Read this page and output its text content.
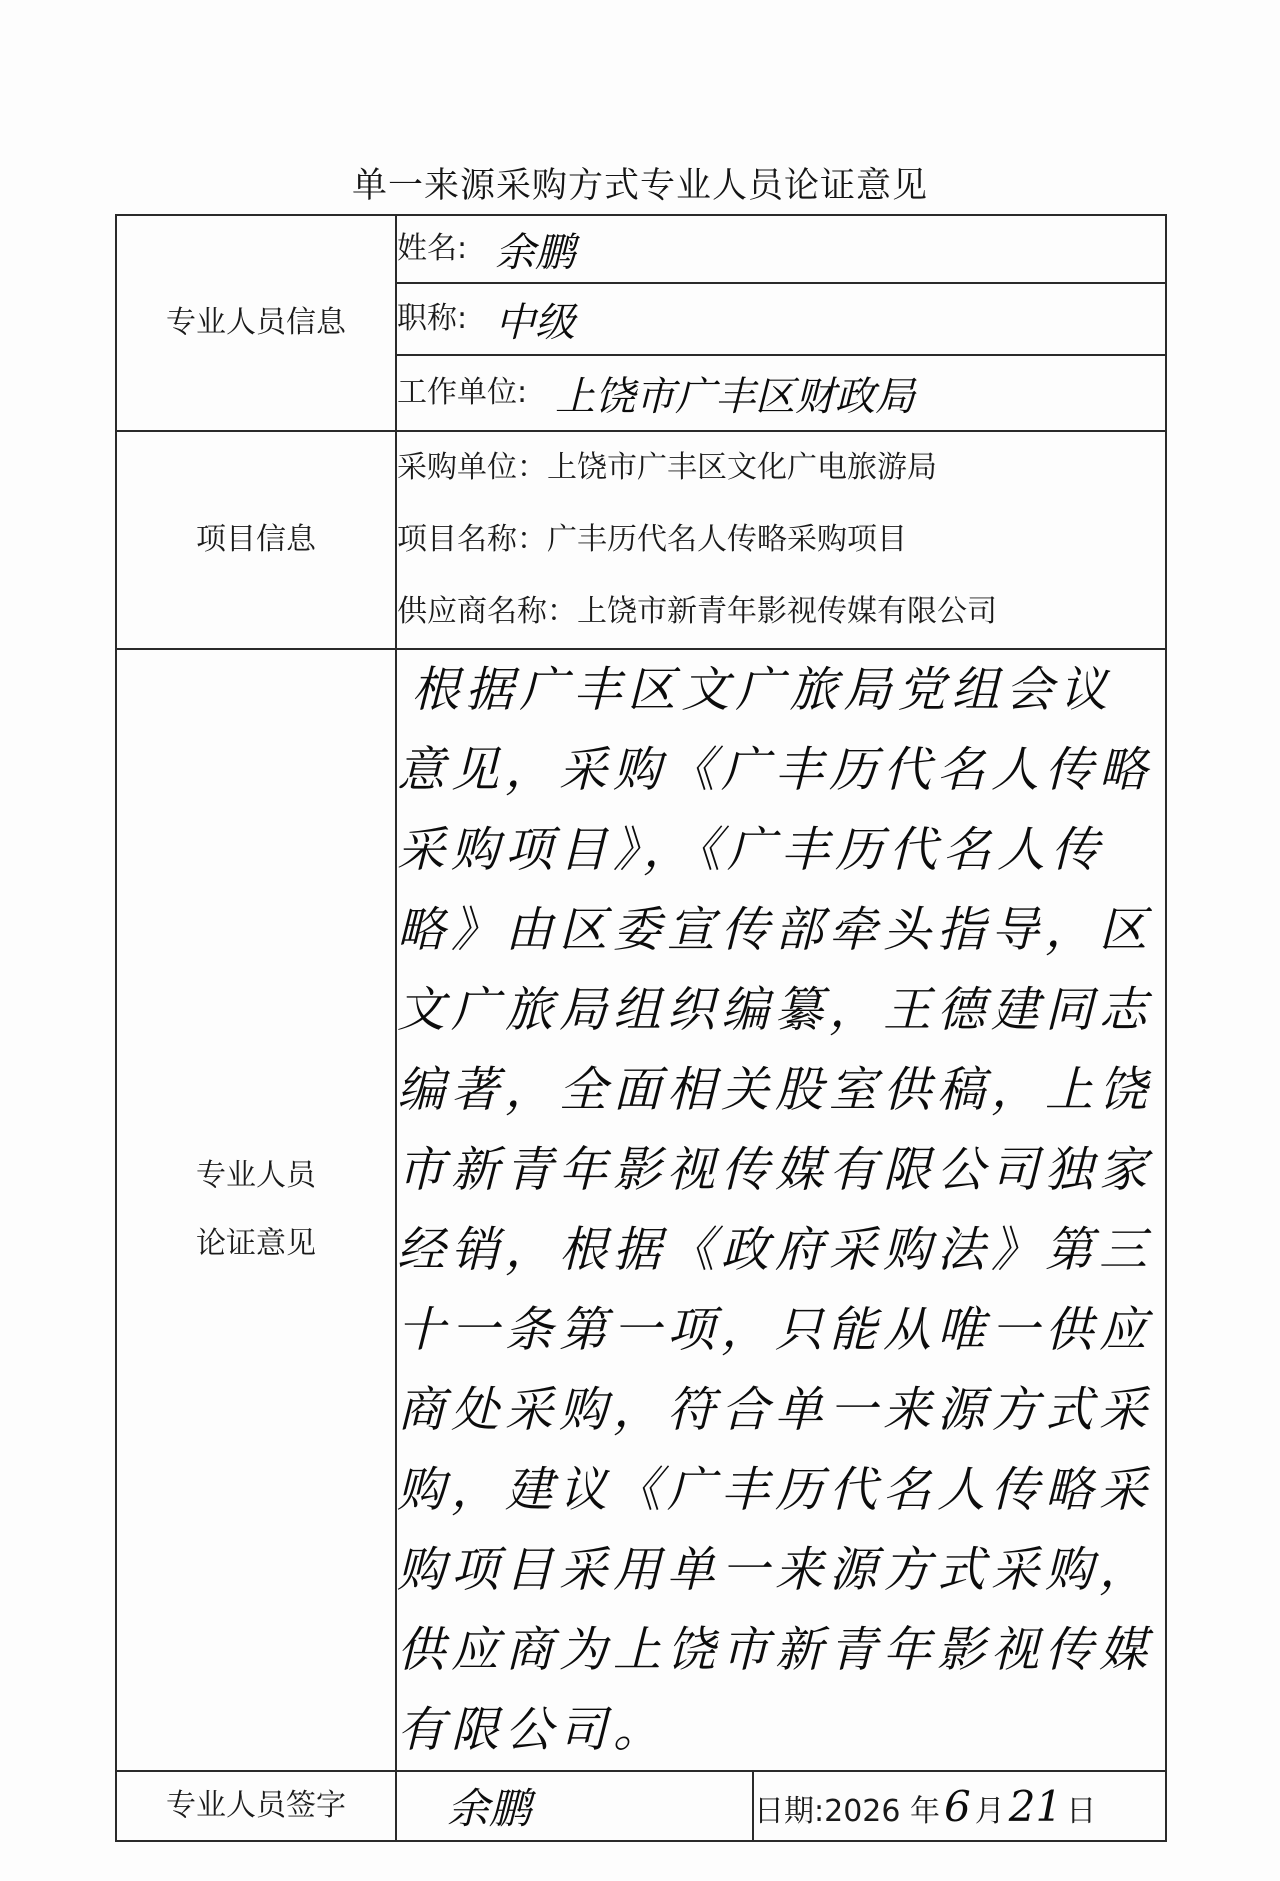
单一来源采购方式专业人员论证意见
专业人员信息	姓名: 余鹏	
	职称: 中级	
	工作单位: 上饶市广丰区财政局	

项目信息	采购单位：上饶市广丰区文化广电旅游局
项目名称：广丰历代名人传略采购项目
供应商名称：上饶市新青年影视传媒有限公司	

专业人员
论证意见	根据广丰区文广旅局党组会议意见，采购《广丰历代名人传略采购项目》，《广丰历代名人传略》由区委宣传部牵头指导，区文广旅局组织编纂，王德建同志编著，全面相关股室供稿，上饶市新青年影视传媒有限公司独家经销，根据《政府采购法》第三十一条第一项，只能从唯一供应商处采购，符合单一来源方式采购，建议《广丰历代名人传略采购项目采用单一来源方式采购，供应商为上饶市新青年影视传媒有限公司。	

专业人员签字	余鹏	日期:2026 年6 月21 日
